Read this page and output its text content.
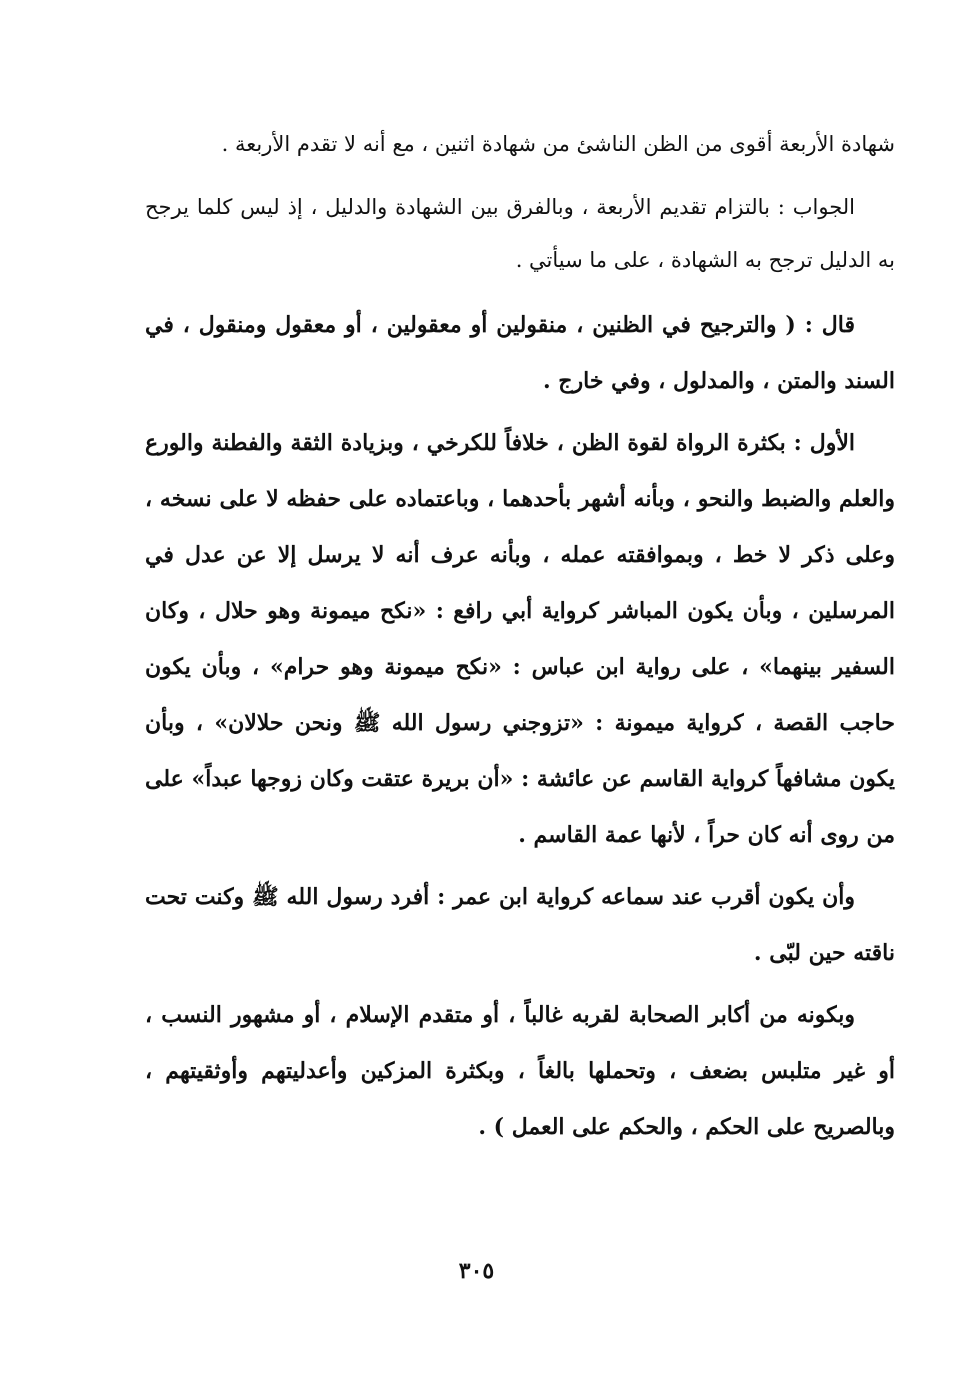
شهادة الأربعة أقوى من الظن الناشئ من شهادة اثنين ، مع أنه لا تقدم الأربعة .

الجواب : بالتزام تقديم الأربعة ، وبالفرق بين الشهادة والدليل ، إذ ليس كلما يرجح به الدليل ترجح به الشهادة ، على ما سيأتي .

قال : ( والترجيح في الظنين ، منقولين أو معقولين ، أو معقول ومنقول ، في السند والمتن ، والمدلول ، وفي خارج .

الأول : بكثرة الرواة لقوة الظن ، خلافاً للكرخي ، وبزيادة الثقة والفطنة والورع والعلم والضبط والنحو ، وبأنه أشهر بأحدهما ، وباعتماده على حفظه لا على نسخه ، وعلى ذكر لا خط ، وبموافقته عمله ، وبأنه عرف أنه لا يرسل إلا عن عدل في المرسلين ، وبأن يكون المباشر كرواية أبي رافع : «نكح ميمونة وهو حلال ، وكان السفير بينهما» ، على رواية ابن عباس : «نكح ميمونة وهو حرام» ، وبأن يكون حاجب القصة ، كرواية ميمونة : «تزوجني رسول الله ﷺ ونحن حلالان» ، وبأن يكون مشافهاً كرواية القاسم عن عائشة : «أن بريرة عتقت وكان زوجها عبداً» على من روى أنه كان حراً ، لأنها عمة القاسم .

وأن يكون أقرب عند سماعه كرواية ابن عمر : أفرد رسول الله ﷺ وكنت تحت ناقته حين لبّى .

وبكونه من أكابر الصحابة لقربه غالباً ، أو متقدم الإسلام ، أو مشهور النسب ، أو غير متلبس بضعف ، وتحملها بالغاً ، وبكثرة المزكين وأعدليتهم وأوثقيتهم ، وبالصريح على الحكم ، والحكم على العمل ) .

٣٠٥
